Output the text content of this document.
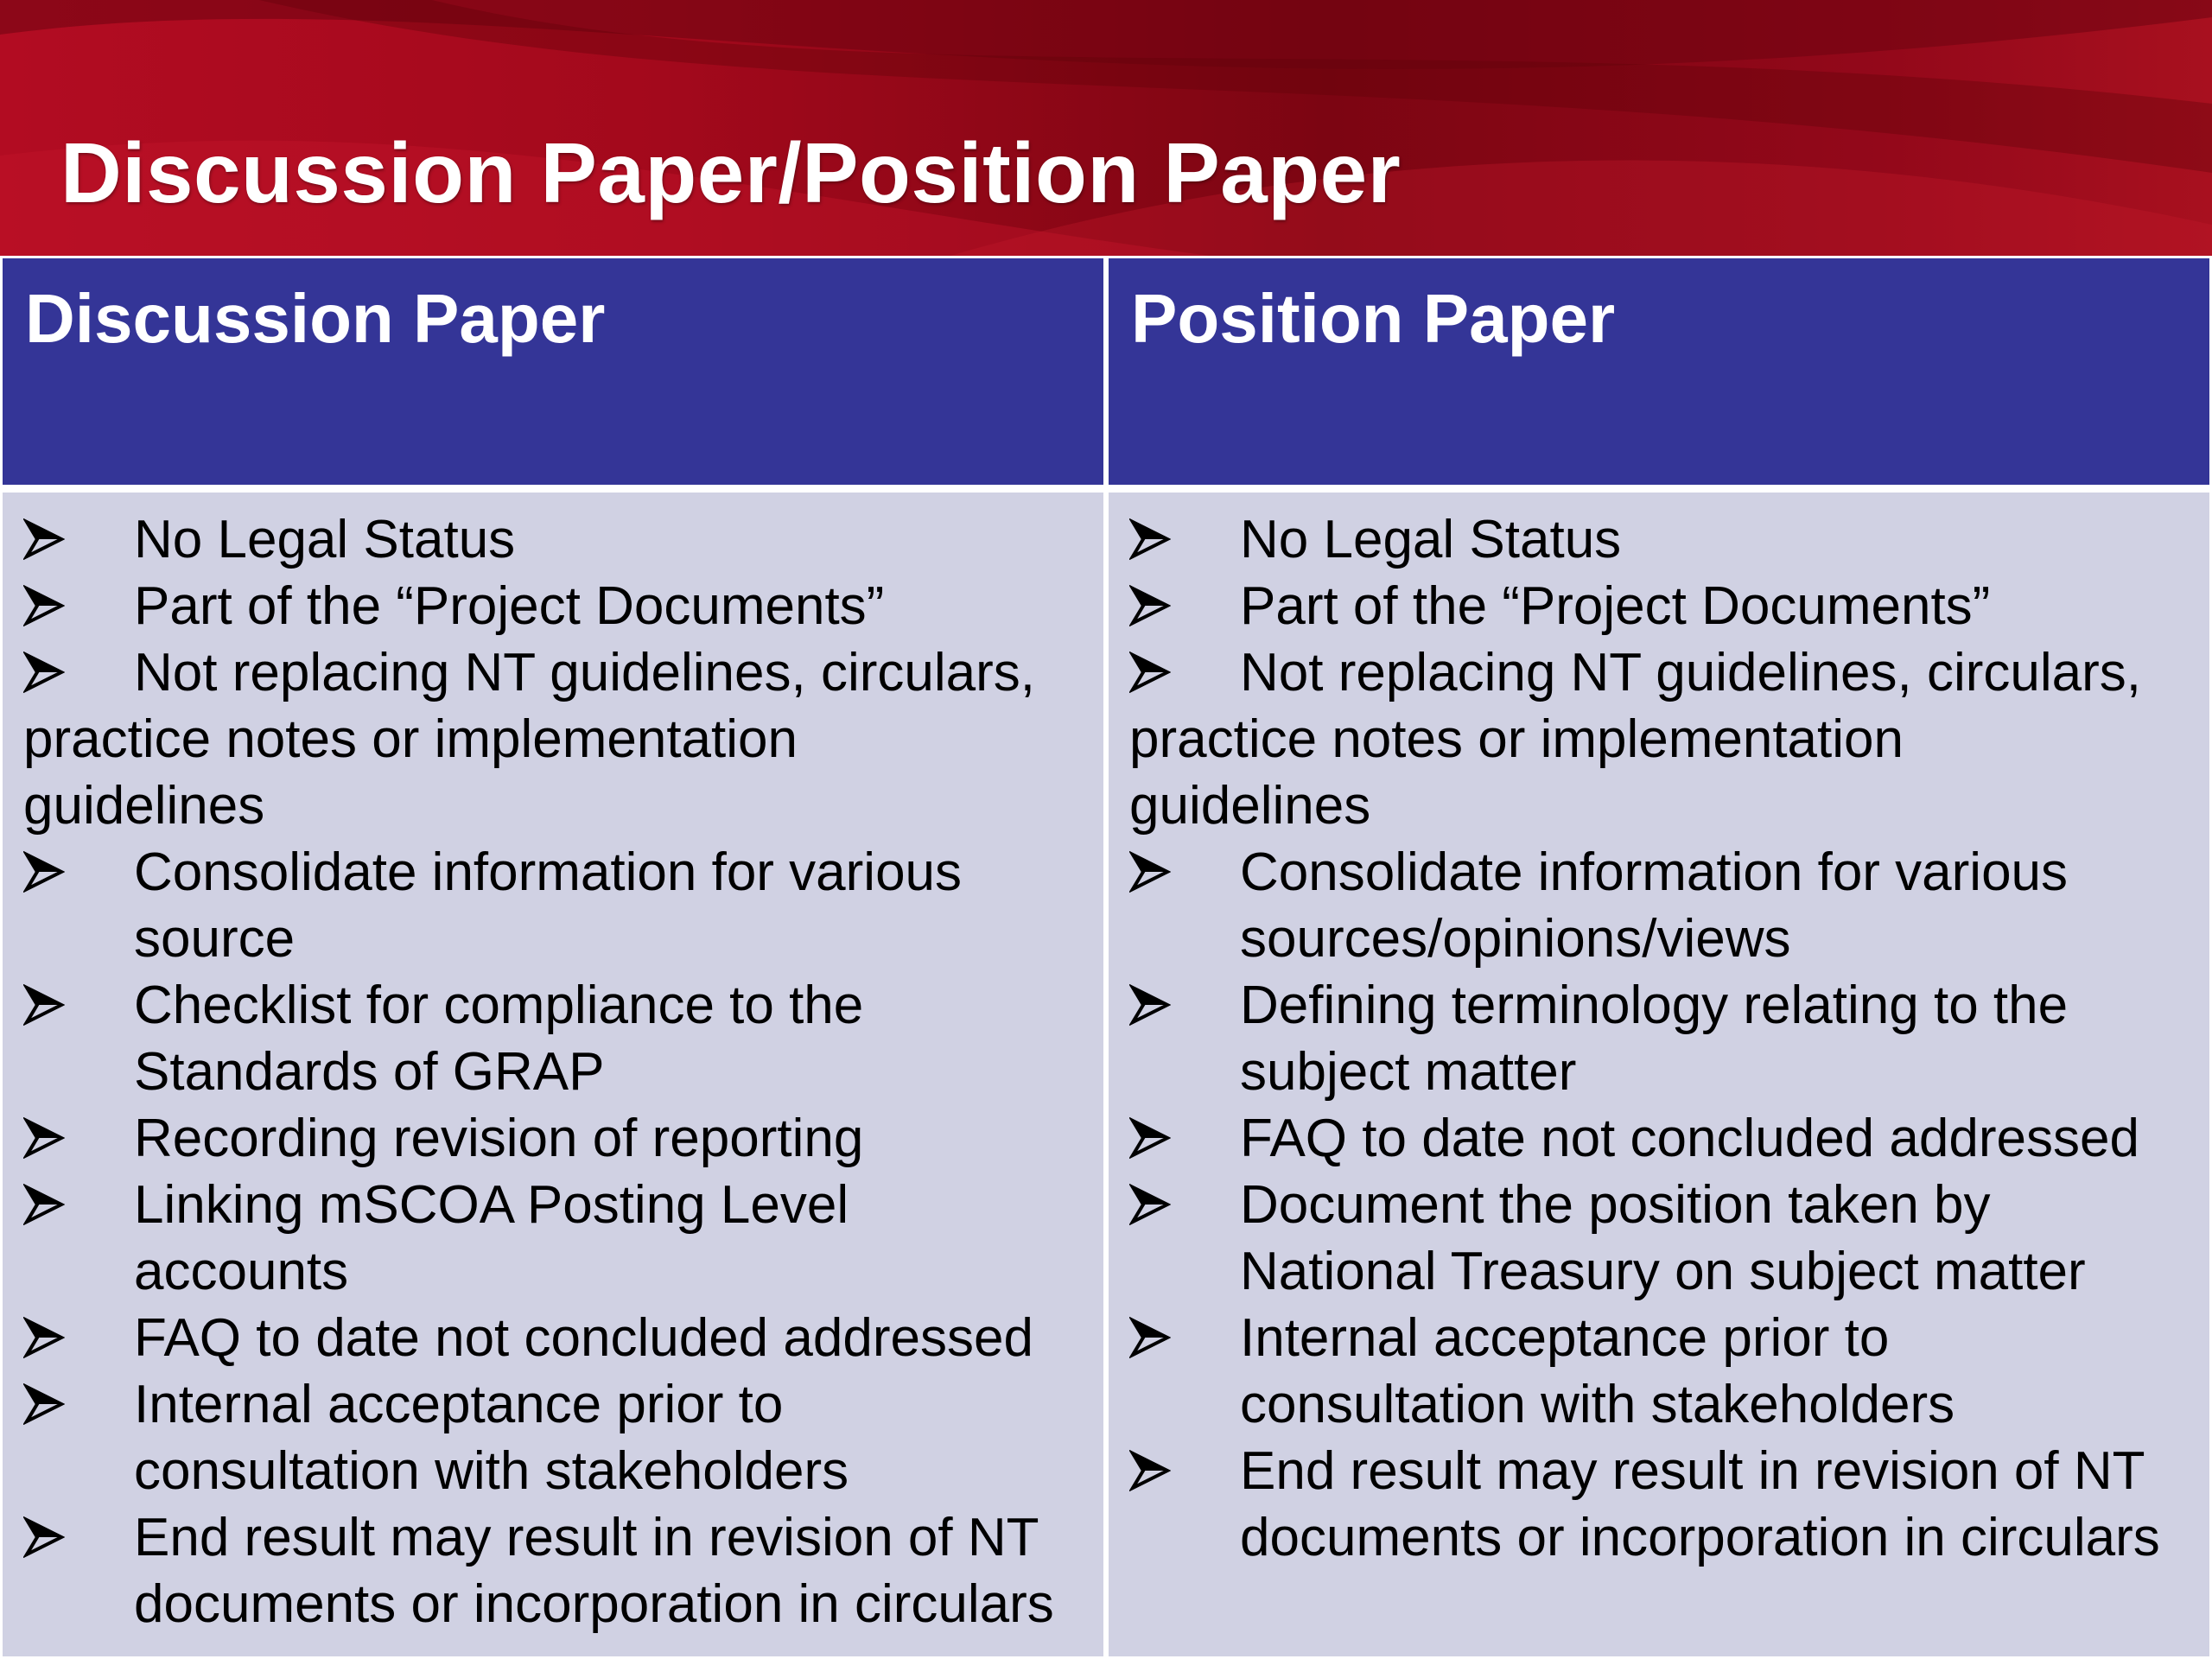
Discussion Paper/Position Paper
Discussion Paper	Position Paper
No Legal Status
Part of the “Project Documents”
Not replacing NT guidelines, circulars,
practice notes or implementation
guidelines
Consolidate information for various
source
Checklist for compliance to the
Standards of GRAP
Recording revision of reporting
Linking mSCOA Posting Level
accounts
FAQ to date not concluded addressed
Internal acceptance prior to
consultation with stakeholders
End result may result in revision of NT
documents or incorporation in circulars
No Legal Status
Part of the “Project Documents”
Not replacing NT guidelines, circulars,
practice notes or implementation
guidelines
Consolidate information for various
sources/opinions/views
Defining terminology relating to the
subject matter
FAQ to date not concluded addressed
Document the position taken by
National Treasury on subject matter
Internal acceptance prior to
consultation with stakeholders
End result may result in revision of NT
documents or incorporation in circulars
